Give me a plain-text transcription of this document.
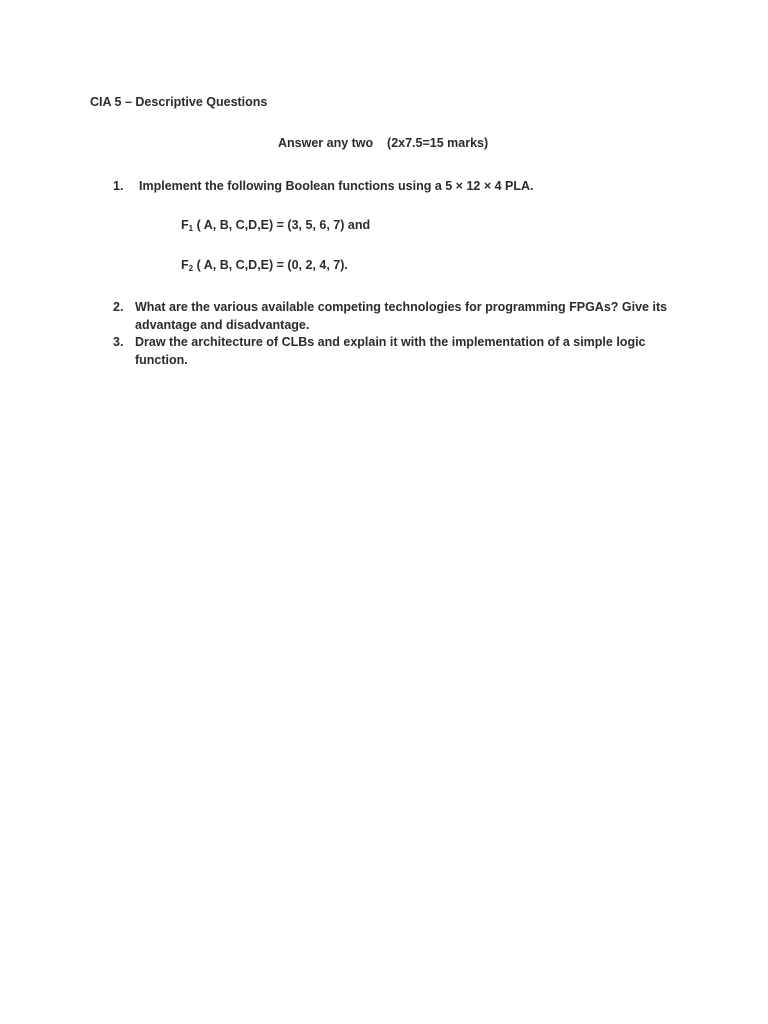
CIA 5 – Descriptive Questions
Answer any two    (2x7.5=15 marks)
1. Implement the following Boolean functions using a 5 × 12 × 4 PLA.
$F_1$ ( A, B, C,D,E) = (3, 5, 6, 7) and
$F_2$ ( A, B, C,D,E) = (0, 2, 4, 7).
2. What are the various available competing technologies for programming FPGAs? Give its
advantage and disadvantage.
3. Draw the architecture of CLBs and explain it with the implementation of a simple logic
function.
